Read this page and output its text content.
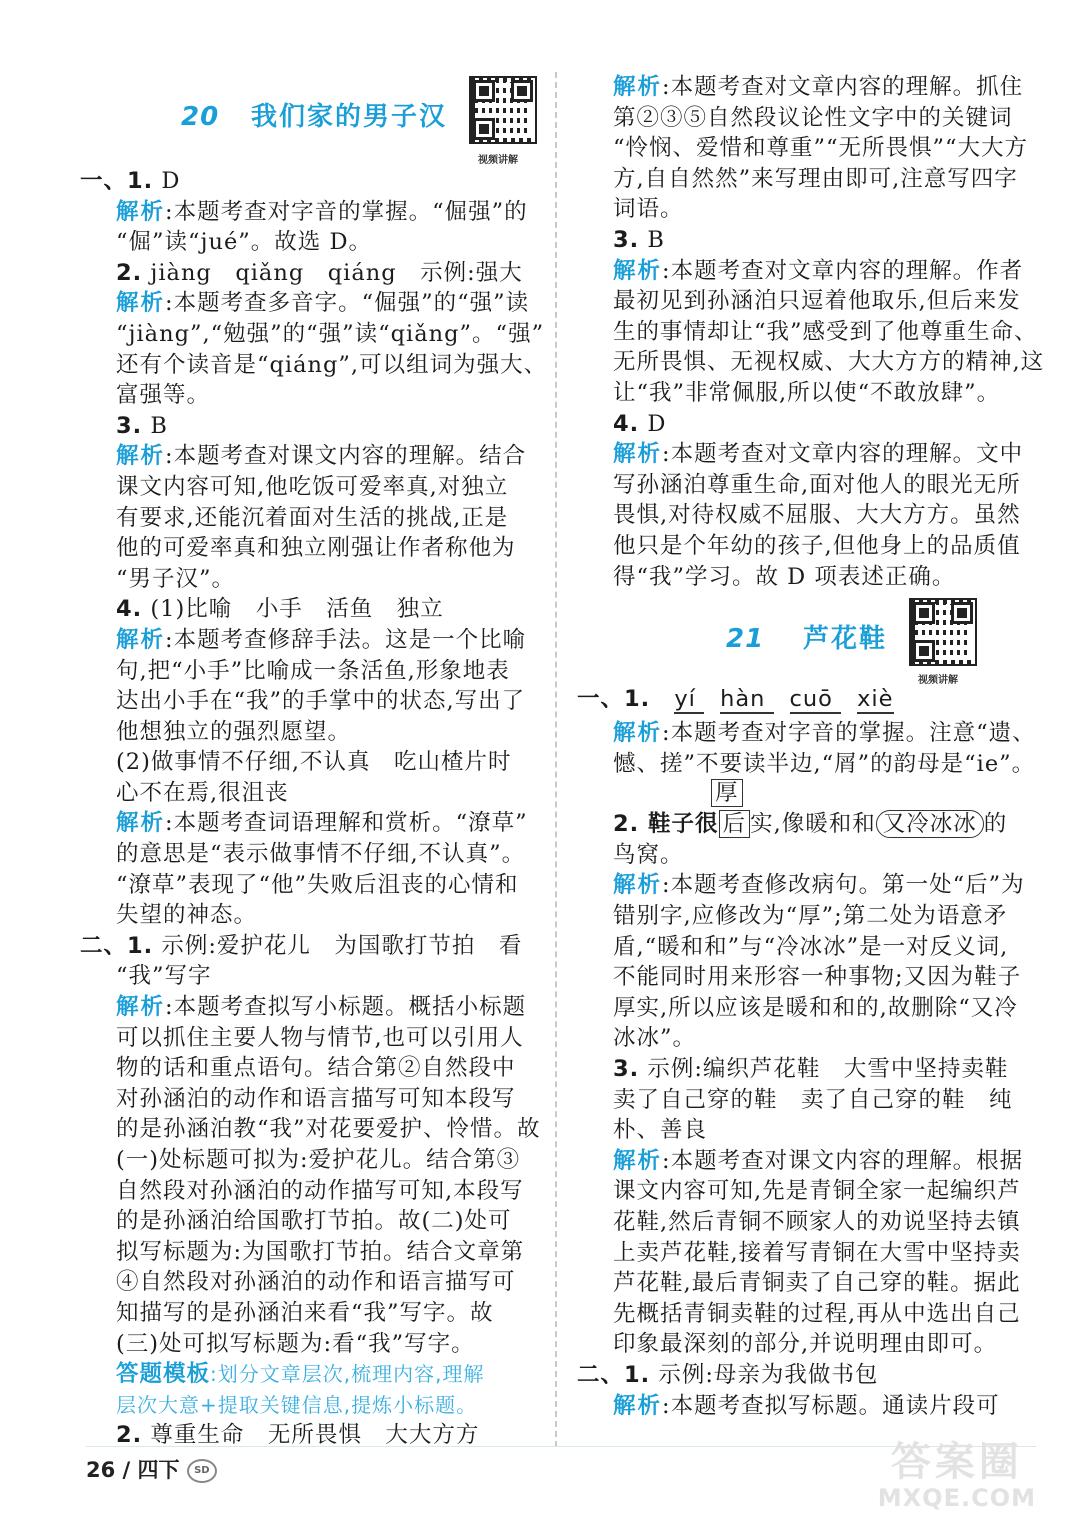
20 我们家的男子汉
视频讲解
一、1. D
解析:本题考查对字音的掌握。“倔强”的
“倔”读“jué”。故选 D。
2. jiàng　qiǎng　qiáng　示例:强大
解析:本题考查多音字。“倔强”的“强”读
“jiàng”,“勉强”的“强”读“qiǎng”。“强”
还有个读音是“qiáng”,可以组词为强大、
富强等。
3. B
解析:本题考查对课文内容的理解。结合
课文内容可知,他吃饭可爱率真,对独立
有要求,还能沉着面对生活的挑战,正是
他的可爱率真和独立刚强让作者称他为
“男子汉”。
4. (1)比喻　小手　活鱼　独立
解析:本题考查修辞手法。这是一个比喻
句,把“小手”比喻成一条活鱼,形象地表
达出小手在“我”的手掌中的状态,写出了
他想独立的强烈愿望。
(2)做事情不仔细,不认真　吃山楂片时
心不在焉,很沮丧
解析:本题考查词语理解和赏析。“潦草”
的意思是“表示做事情不仔细,不认真”。
“潦草”表现了“他”失败后沮丧的心情和
失望的神态。
二、1. 示例:爱护花儿　为国歌打节拍　看
“我”写字
解析:本题考查拟写小标题。概括小标题
可以抓住主要人物与情节,也可以引用人
物的话和重点语句。结合第②自然段中
对孙涵泊的动作和语言描写可知本段写
的是孙涵泊教“我”对花要爱护、怜惜。故
(一)处标题可拟为:爱护花儿。结合第③
自然段对孙涵泊的动作描写可知,本段写
的是孙涵泊给国歌打节拍。故(二)处可
拟写标题为:为国歌打节拍。结合文章第
④自然段对孙涵泊的动作和语言描写可
知描写的是孙涵泊来看“我”写字。故
(三)处可拟写标题为:看“我”写字。
答题模板:划分文章层次,梳理内容,理解
层次大意+提取关键信息,提炼小标题。
2. 尊重生命　无所畏惧　大大方方
解析:本题考查对文章内容的理解。抓住
第②③⑤自然段议论性文字中的关键词
“怜悯、爱惜和尊重”“无所畏惧”“大大方
方,自自然然”来写理由即可,注意写四字
词语。
3. B
解析:本题考查对文章内容的理解。作者
最初见到孙涵泊只逗着他取乐,但后来发
生的事情却让“我”感受到了他尊重生命、
无所畏惧、无视权威、大大方方的精神,这
让“我”非常佩服,所以使“不敢放肆”。
4. D
解析:本题考查对文章内容的理解。文中
写孙涵泊尊重生命,面对他人的眼光无所
畏惧,对待权威不屈服、大大方方。虽然
他只是个年幼的孩子,但他身上的品质值
得“我”学习。故 D 项表述正确。
21 芦花鞋
视频讲解
一、1. yí hàn cuō xiè
解析:本题考查对字音的掌握。注意“遗、
憾、搓”不要读半边,“屑”的韵母是“ie”。
厚
2. 鞋子很 后 实,像暖和和 又冷冰冰 的
鸟窝。
解析:本题考查修改病句。第一处“后”为
错别字,应修改为“厚”;第二处为语意矛
盾,“暖和和”与“冷冰冰”是一对反义词,
不能同时用来形容一种事物;又因为鞋子
厚实,所以应该是暖和和的,故删除“又冷
冰冰”。
3. 示例:编织芦花鞋　大雪中坚持卖鞋
卖了自己穿的鞋　卖了自己穿的鞋　纯
朴、善良
解析:本题考查对课文内容的理解。根据
课文内容可知,先是青铜全家一起编织芦
花鞋,然后青铜不顾家人的劝说坚持去镇
上卖芦花鞋,接着写青铜在大雪中坚持卖
芦花鞋,最后青铜卖了自己穿的鞋。据此
先概括青铜卖鞋的过程,再从中选出自己
印象最深刻的部分,并说明理由即可。
二、1. 示例:母亲为我做书包
解析:本题考查拟写标题。通读片段可
26 / 四下 SD	答案圈
MXQE.COM
